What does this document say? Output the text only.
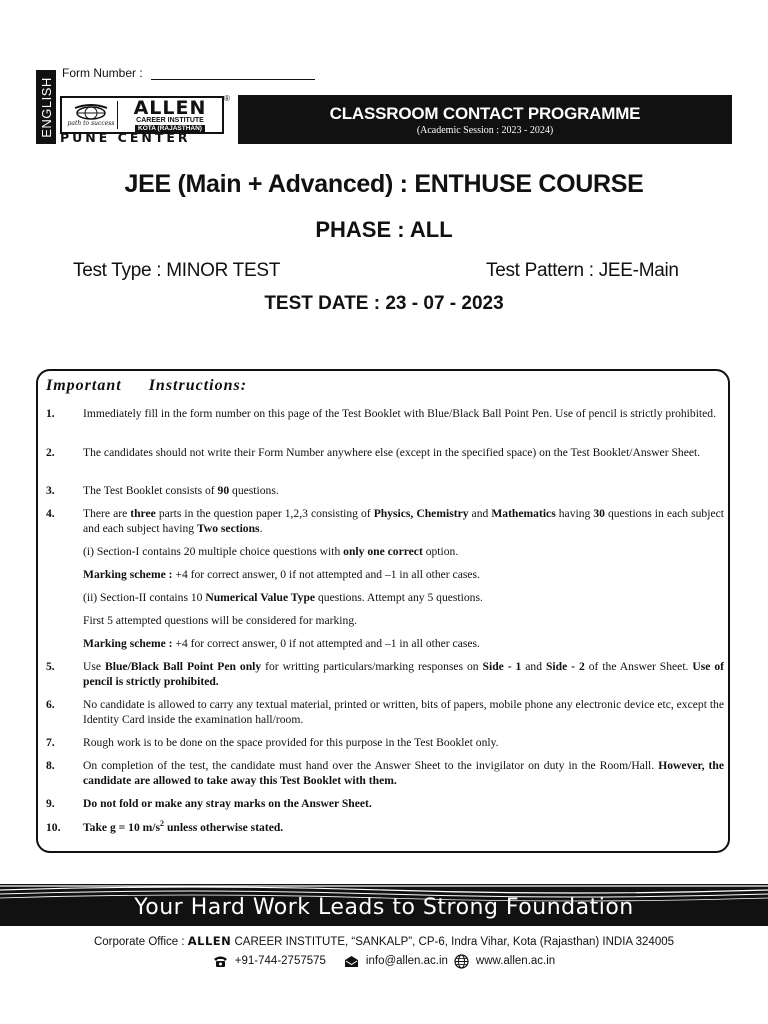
ENGLISH
Form Number :
path to success
ALLEN
CAREER INSTITUTE
KOTA (RAJASTHAN)
®
PUNE CENTER
CLASSROOM CONTACT PROGRAMME
(Academic Session : 2023 - 2024)
JEE (Main + Advanced) : ENTHUSE COURSE
PHASE : ALL
Test Type : MINOR TEST	Test Pattern : JEE-Main
TEST DATE : 23 - 07 - 2023
Important Instructions:
1. Immediately fill in the form number on this page of the Test Booklet with Blue/Black Ball Point Pen. Use of pencil is strictly prohibited.
2. The candidates should not write their Form Number anywhere else (except in the specified space) on the Test Booklet/Answer Sheet.
3. The Test Booklet consists of 90 questions.
4. There are three parts in the question paper 1,2,3 consisting of Physics, Chemistry and Mathematics having 30 questions in each subject and each subject having Two sections.
(i) Section-I contains 20 multiple choice questions with only one correct option.
Marking scheme : +4 for correct answer, 0 if not attempted and –1 in all other cases.
(ii) Section-II contains 10 Numerical Value Type questions. Attempt any 5 questions.
First 5 attempted questions will be considered for marking.
Marking scheme : +4 for correct answer, 0 if not attempted and –1 in all other cases.
5. Use Blue/Black Ball Point Pen only for writting particulars/marking responses on Side - 1 and Side - 2 of the Answer Sheet. Use of pencil is strictly prohibited.
6. No candidate is allowed to carry any textual material, printed or written, bits of papers, mobile phone any electronic device etc, except the Identity Card inside the examination hall/room.
7. Rough work is to be done on the space provided for this purpose in the Test Booklet only.
8. On completion of the test, the candidate must hand over the Answer Sheet to the invigilator on duty in the Room/Hall. However, the candidate are allowed to take away this Test Booklet with them.
9. Do not fold or make any stray marks on the Answer Sheet.
10. Take g = 10 $m/s^2$ unless otherwise stated.
Your Hard Work Leads to Strong Foundation
Corporate Office : ALLEN CAREER INSTITUTE, “SANKALP”, CP-6, Indra Vihar, Kota (Rajasthan) INDIA 324005
+91-744-2757575	info@allen.ac.in www.allen.ac.in
